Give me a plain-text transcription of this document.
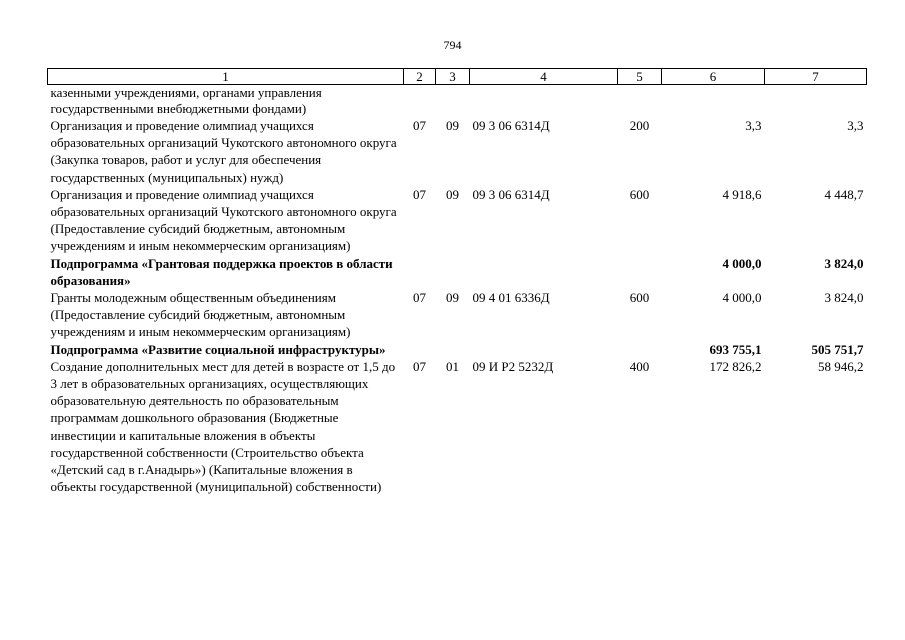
794
1	2	3	4	5	6	7
казенными учреждениями, органами управления государственными внебюджетными фондами)						
Организация и проведение олимпиад учащихся образовательных организаций Чукотского автономного округа (Закупка товаров, работ и услуг для обеспечения государственных (муниципальных) нужд)	07	09	09 3 06 6314Д	200	3,3	3,3
Организация и проведение олимпиад учащихся образовательных организаций Чукотского автономного округа (Предоставление субсидий бюджетным, автономным учреждениям и иным некоммерческим организациям)	07	09	09 3 06 6314Д	600	4 918,6	4 448,7
Подпрограмма «Грантовая поддержка проектов в области образования»					4 000,0	3 824,0
Гранты молодежным общественным объединениям (Предоставление субсидий бюджетным, автономным учреждениям и иным некоммерческим организациям)	07	09	09 4 01 6336Д	600	4 000,0	3 824,0
Подпрограмма «Развитие социальной инфраструктуры»					693 755,1	505 751,7
Создание дополнительных мест для детей в возрасте от 1,5 до 3 лет в образовательных организациях, осуществляющих образовательную деятельность по образовательным программам дошкольного образования (Бюджетные инвестиции и капитальные вложения в объекты государственной собственности (Строительство объекта «Детский сад в г.Анадырь») (Капитальные вложения в объекты государственной (муниципальной) собственности)	07	01	09 И Р2 5232Д	400	172 826,2	58 946,2
